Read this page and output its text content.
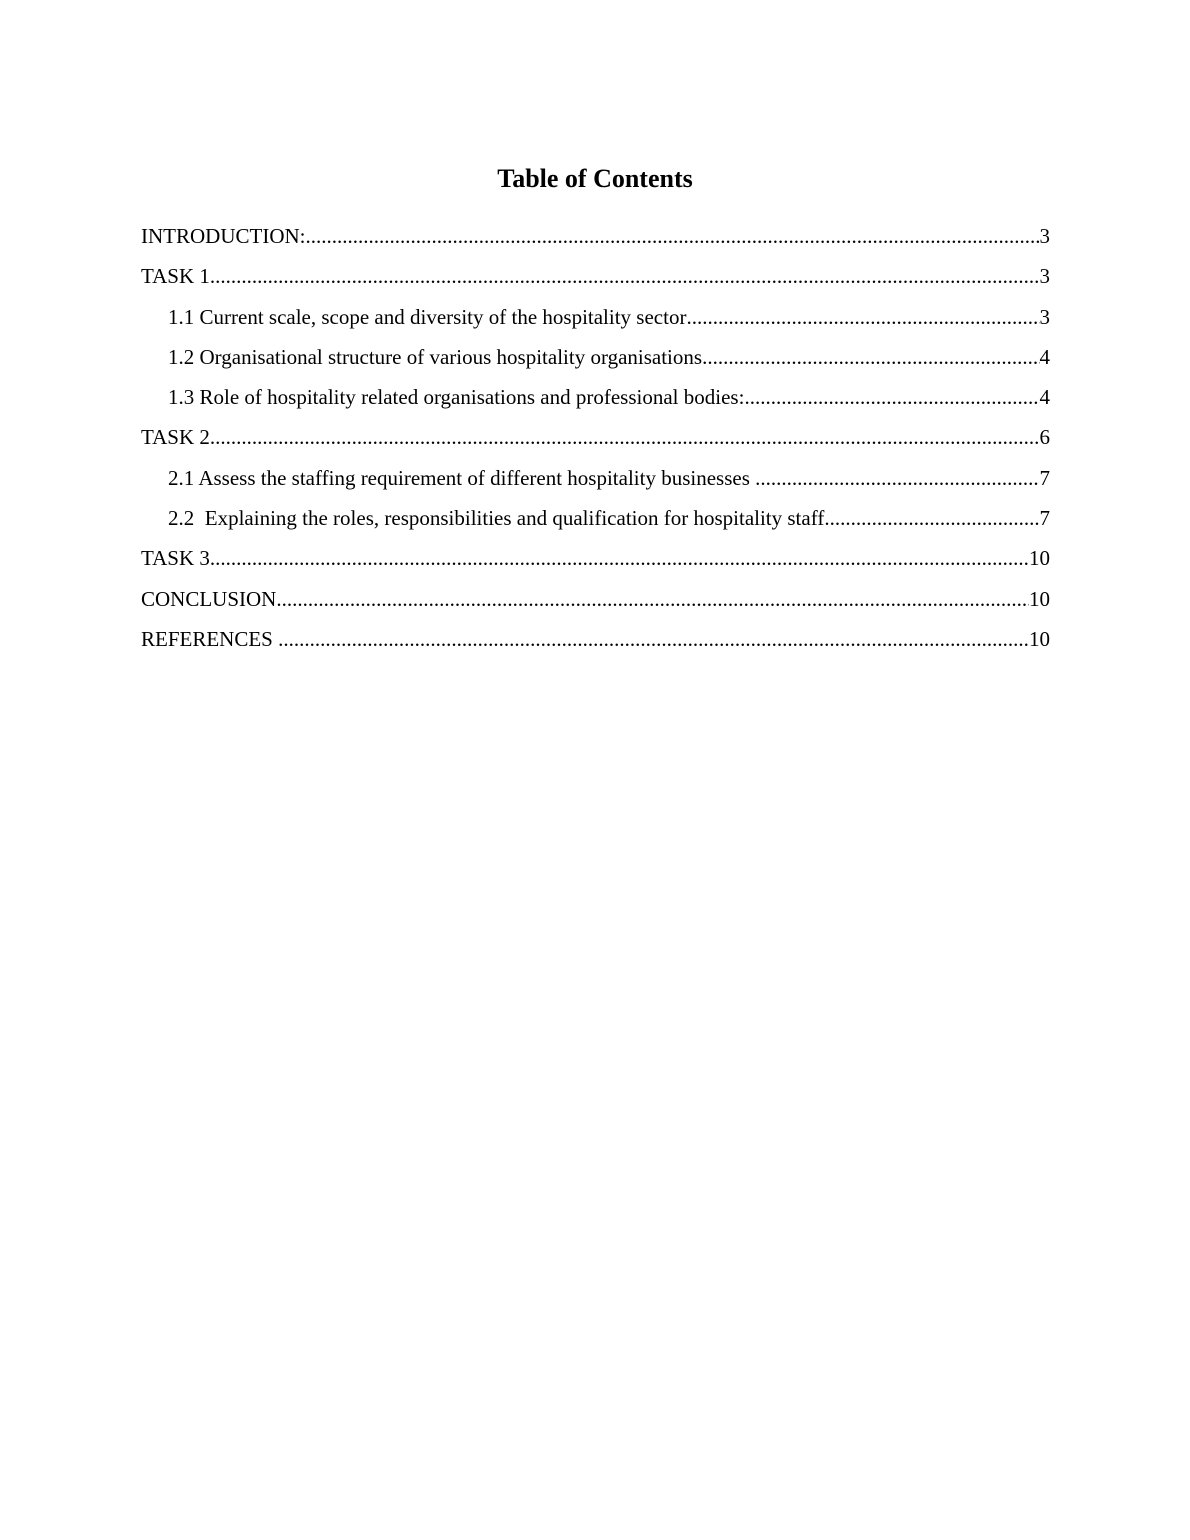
Table of Contents
INTRODUCTION: .....	3
TASK 1 .....	3
1.1 Current scale, scope and diversity of the hospitality sector .....	3
1.2 Organisational structure of various hospitality organisations .....	4
1.3 Role of hospitality related organisations and professional bodies: .....	4
TASK 2 .....	6
2.1 Assess the staffing requirement of different hospitality businesses .....	7
2.2  Explaining the roles, responsibilities and qualification for hospitality staff .....	7
TASK 3 .....	10
CONCLUSION .....	10
REFERENCES .....	10
